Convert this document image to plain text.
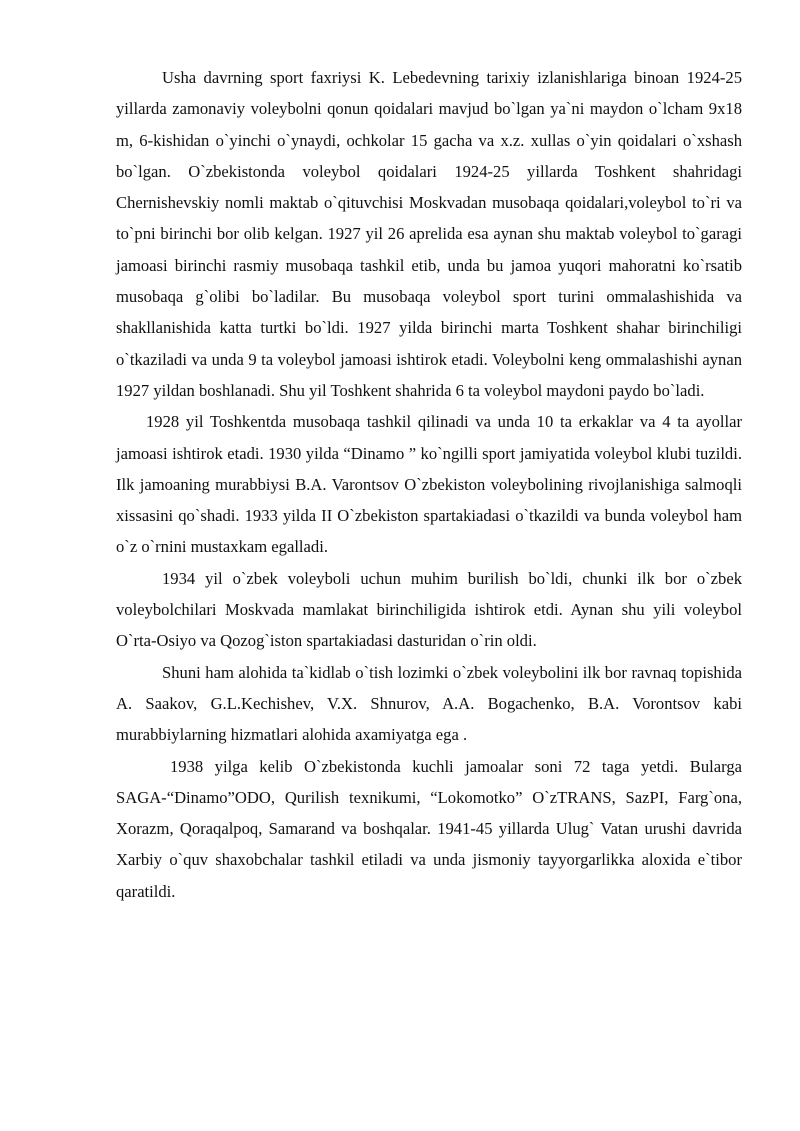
Usha davrning sport faxriysi K. Lebedevning tarixiy izlanishlariga binoan 1924-25 yillarda zamonaviy voleybolni qonun qoidalari mavjud bo`lgan ya`ni maydon o`lcham 9x18 m, 6-kishidan o`yinchi o`ynaydi, ochkolar 15 gacha va x.z. xullas o`yin qoidalari o`xshash bo`lgan. O`zbekistonda voleybol qoidalari 1924-25 yillarda Toshkent shahridagi Chernishevskiy nomli maktab o`qituvchisi Moskvadan musobaqa qoidalari,voleybol to`ri va to`pni birinchi bor olib kelgan. 1927 yil 26 aprelida esa aynan shu maktab voleybol to`garagi jamoasi birinchi rasmiy musobaqa tashkil etib, unda bu jamoa yuqori mahoratni ko`rsatib musobaqa g`olibi bo`ladilar. Bu musobaqa voleybol sport turini ommalashishida va shakllanishida katta turtki bo`ldi. 1927 yilda birinchi marta Toshkent shahar birinchiligi o`tkaziladi va unda 9 ta voleybol jamoasi ishtirok etadi. Voleybolni keng ommalashishi aynan 1927 yildan boshlanadi. Shu yil Toshkent shahrida 6 ta voleybol maydoni paydo bo`ladi.

1928 yil Toshkentda musobaqa tashkil qilinadi va unda 10 ta erkaklar va 4 ta ayollar jamoasi ishtirok etadi. 1930 yilda “Dinamo ” ko`ngilli sport jamiyatida voleybol klubi tuzildi. Ilk jamoaning murabbiysi B.A. Varontsov O`zbekiston voleybolining rivojlanishiga salmoqli xissasini qo`shadi. 1933 yilda II O`zbekiston spartakiadasi o`tkazildi va bunda voleybol ham o`z o`rnini mustaxkam egalladi.

1934 yil o`zbek voleyboli uchun muhim burilish bo`ldi, chunki ilk bor o`zbek voleybolchilari Moskvada mamlakat birinchiligida ishtirok etdi. Aynan shu yili voleybol O`rta-Osiyo va Qozog`iston spartakiadasi dasturidan o`rin oldi.

Shuni ham alohida ta`kidlab o`tish lozimki o`zbek voleybolini ilk bor ravnaq topishida A. Saakov, G.L.Kechishev, V.X. Shnurov, A.A. Bogachenko, B.A. Vorontsov kabi murabbiylarning hizmatlari alohida axamiyatga ega .

1938 yilga kelib O`zbekistonda kuchli jamoalar soni 72 taga yetdi. Bularga SAGA-“Dinamo”ODO, Qurilish texnikumi, “Lokomotko” O`zTRANS, SazPI, Farg`ona, Xorazm, Qoraqalpoq, Samarand va boshqalar. 1941-45 yillarda Ulug` Vatan urushi davrida Xarbiy o`quv shaxobchalar tashkil etiladi va unda jismoniy tayyorgarlikka aloxida e`tibor qaratildi.
